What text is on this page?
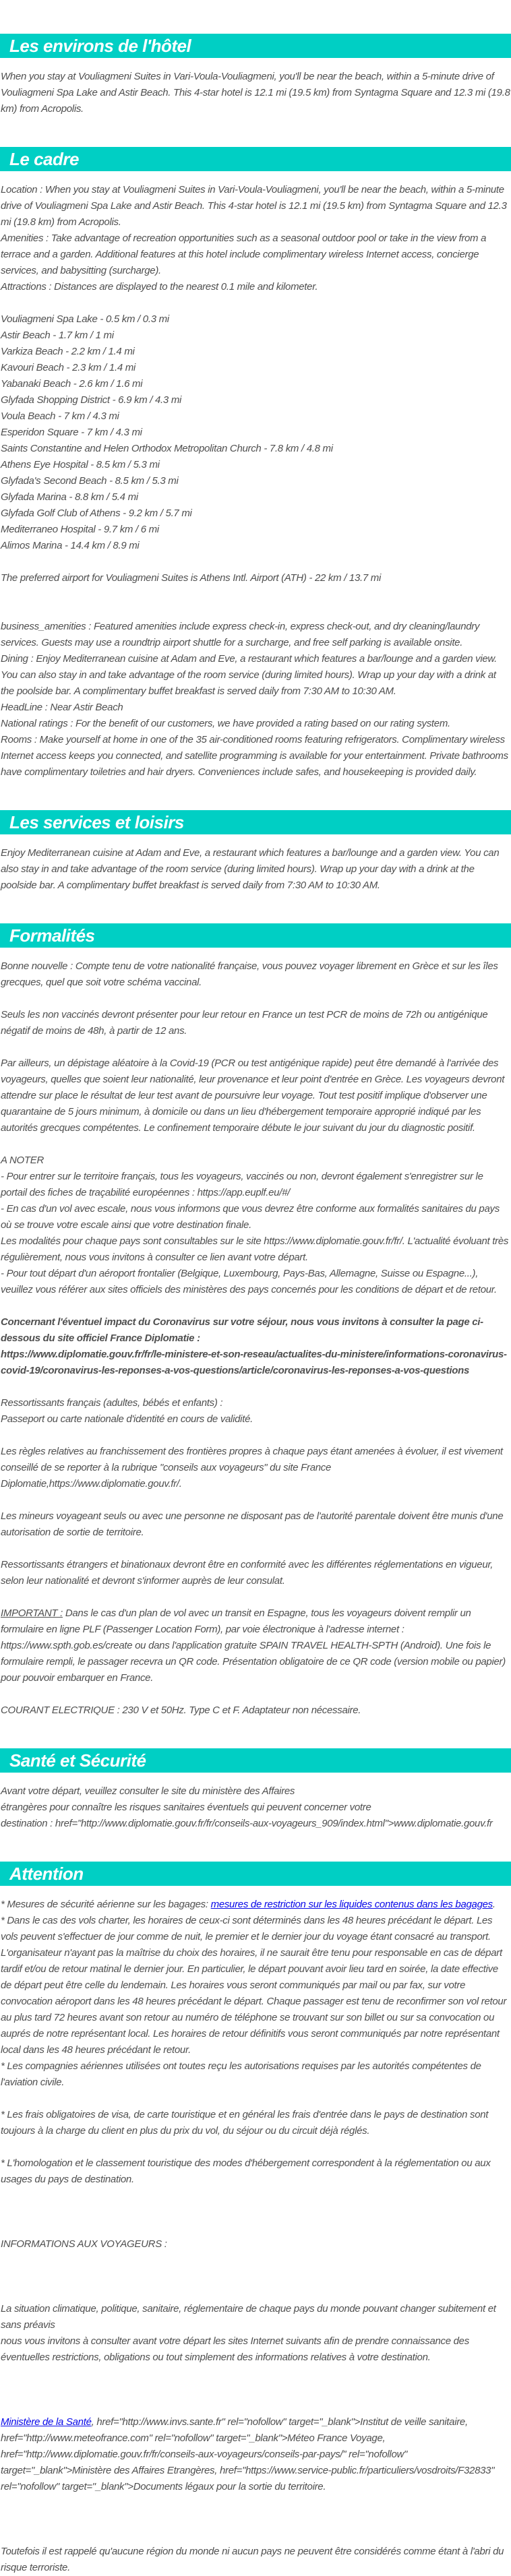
Les environs de l'hôtel

When you stay at Vouliagmeni Suites in Vari-Voula-Vouliagmeni, you'll be near the beach, within a 5-minute drive of Vouliagmeni Spa Lake and Astir Beach. This 4-star hotel is 12.1 mi (19.5 km) from Syntagma Square and 12.3 mi (19.8 km) from Acropolis.

Le cadre

Location : When you stay at Vouliagmeni Suites in Vari-Voula-Vouliagmeni, you'll be near the beach, within a 5-minute drive of Vouliagmeni Spa Lake and Astir Beach. This 4-star hotel is 12.1 mi (19.5 km) from Syntagma Square and 12.3 mi (19.8 km) from Acropolis.

Amenities : Take advantage of recreation opportunities such as a seasonal outdoor pool or take in the view from a terrace and a garden. Additional features at this hotel include complimentary wireless Internet access, concierge services, and babysitting (surcharge).

Attractions : Distances are displayed to the nearest 0.1 mile and kilometer.

Vouliagmeni Spa Lake - 0.5 km / 0.3 mi

Astir Beach - 1.7 km / 1 mi

Varkiza Beach - 2.2 km / 1.4 mi

Kavouri Beach - 2.3 km / 1.4 mi

Yabanaki Beach - 2.6 km / 1.6 mi

Glyfada Shopping District - 6.9 km / 4.3 mi

Voula Beach - 7 km / 4.3 mi

Esperidon Square - 7 km / 4.3 mi

Saints Constantine and Helen Orthodox Metropolitan Church - 7.8 km / 4.8 mi

Athens Eye Hospital - 8.5 km / 5.3 mi

Glyfada's Second Beach - 8.5 km / 5.3 mi

Glyfada Marina - 8.8 km / 5.4 mi

Glyfada Golf Club of Athens - 9.2 km / 5.7 mi

Mediterraneo Hospital - 9.7 km / 6 mi

Alimos Marina - 14.4 km / 8.9 mi

The preferred airport for Vouliagmeni Suites is Athens Intl. Airport (ATH) - 22 km / 13.7 mi

business_amenities : Featured amenities include express check-in, express check-out, and dry cleaning/laundry services. Guests may use a roundtrip airport shuttle for a surcharge, and free self parking is available onsite.

Dining : Enjoy Mediterranean cuisine at Adam and Eve, a restaurant which features a bar/lounge and a garden view. You can also stay in and take advantage of the room service (during limited hours). Wrap up your day with a drink at the poolside bar. A complimentary buffet breakfast is served daily from 7:30 AM to 10:30 AM.

HeadLine : Near Astir Beach

National ratings : For the benefit of our customers, we have provided a rating based on our rating system.

Rooms : Make yourself at home in one of the 35 air-conditioned rooms featuring refrigerators. Complimentary wireless Internet access keeps you connected, and satellite programming is available for your entertainment. Private bathrooms have complimentary toiletries and hair dryers. Conveniences include safes, and housekeeping is provided daily.

Les services et loisirs

Enjoy Mediterranean cuisine at Adam and Eve, a restaurant which features a bar/lounge and a garden view. You can also stay in and take advantage of the room service (during limited hours). Wrap up your day with a drink at the poolside bar. A complimentary buffet breakfast is served daily from 7:30 AM to 10:30 AM.

Formalités

Bonne nouvelle : Compte tenu de votre nationalité française, vous pouvez voyager librement en Grèce et sur les îles grecques, quel que soit votre schéma vaccinal.

Seuls les non vaccinés devront présenter pour leur retour en France un test PCR de moins de 72h ou antigénique négatif de moins de 48h, à partir de 12 ans.

Par ailleurs, un dépistage aléatoire à la Covid-19 (PCR ou test antigénique rapide) peut être demandé à l'arrivée des voyageurs, quelles que soient leur nationalité, leur provenance et leur point d'entrée en Grèce. Les voyageurs devront attendre sur place le résultat de leur test avant de poursuivre leur voyage. Tout test positif implique d'observer une quarantaine de 5 jours minimum, à domicile ou dans un lieu d'hébergement temporaire approprié indiqué par les autorités grecques compétentes. Le confinement temporaire débute le jour suivant du jour du diagnostic positif.

A NOTER

- Pour entrer sur le territoire français, tous les voyageurs, vaccinés ou non, devront également s'enregistrer sur le portail des fiches de traçabilité européennes : https://app.euplf.eu/#/

- En cas d'un vol avec escale, nous vous informons que vous devrez être conforme aux formalités sanitaires du pays où se trouve votre escale ainsi que votre destination finale.

Les modalités pour chaque pays sont consultables sur le site https://www.diplomatie.gouv.fr/fr/. L'actualité évoluant très régulièrement, nous vous invitons à consulter ce lien avant votre départ.

- Pour tout départ d'un aéroport frontalier (Belgique, Luxembourg, Pays-Bas, Allemagne, Suisse ou Espagne...), veuillez vous référer aux sites officiels des ministères des pays concernés pour les conditions de départ et de retour.

Concernant l'éventuel impact du Coronavirus sur votre séjour, nous vous invitons à consulter la page ci-dessous du site officiel France Diplomatie :

https://www.diplomatie.gouv.fr/fr/le-ministere-et-son-reseau/actualites-du-ministere/informations-coronavirus-covid-19/coronavirus-les-reponses-a-vos-questions/article/coronavirus-les-reponses-a-vos-questions

Ressortissants français (adultes, bébés et enfants) :

Passeport ou carte nationale d'identité en cours de validité.

Les règles relatives au franchissement des frontières propres à chaque pays étant amenées à évoluer, il est vivement conseillé de se reporter à la rubrique "conseils aux voyageurs" du site France Diplomatie,https://www.diplomatie.gouv.fr/.

Les mineurs voyageant seuls ou avec une personne ne disposant pas de l'autorité parentale doivent être munis d'une autorisation de sortie de territoire.

Ressortissants étrangers et binationaux devront être en conformité avec les différentes réglementations en vigueur, selon leur nationalité et devront s'informer auprès de leur consulat.

IMPORTANT : Dans le cas d'un plan de vol avec un transit en Espagne, tous les voyageurs doivent remplir un formulaire en ligne PLF (Passenger Location Form), par voie électronique à l'adresse internet : https://www.spth.gob.es/create ou dans l'application gratuite SPAIN TRAVEL HEALTH-SPTH (Android). Une fois le formulaire rempli, le passager recevra un QR code. Présentation obligatoire de ce QR code (version mobile ou papier) pour pouvoir embarquer en France.

COURANT ELECTRIQUE : 230 V et 50Hz. Type C et F. Adaptateur non nécessaire.

Santé et Sécurité

Avant votre départ, veuillez consulter le site du ministère des Affaires

étrangères pour connaître les risques sanitaires éventuels qui peuvent concerner votre

destination : href="http://www.diplomatie.gouv.fr/fr/conseils-aux-voyageurs_909/index.html">www.diplomatie.gouv.fr

Attention

* Mesures de sécurité aérienne sur les bagages: mesures de restriction sur les liquides contenus dans les bagages.

* Dans le cas des vols charter, les horaires de ceux-ci sont déterminés dans les 48 heures précédant le départ. Les vols peuvent s'effectuer de jour comme de nuit, le premier et le dernier jour du voyage étant consacré au transport. L'organisateur n'ayant pas la maîtrise du choix des horaires, il ne saurait être tenu pour responsable en cas de départ tardif et/ou de retour matinal le dernier jour. En particulier, le départ pouvant avoir lieu tard en soirée, la date effective de départ peut être celle du lendemain. Les horaires vous seront communiqués par mail ou par fax, sur votre convocation aéroport dans les 48 heures précédant le départ. Chaque passager est tenu de reconfirmer son vol retour au plus tard 72 heures avant son retour au numéro de téléphone se trouvant sur son billet ou sur sa convocation ou auprés de notre représentant local. Les horaires de retour définitifs vous seront communiqués par notre représentant local dans les 48 heures précédant le retour.

* Les compagnies aériennes utilisées ont toutes reçu les autorisations requises par les autorités compétentes de l'aviation civile.

* Les frais obligatoires de visa, de carte touristique et en général les frais d'entrée dans le pays de destination sont toujours à la charge du client en plus du prix du vol, du séjour ou du circuit déjà réglés.

* L'homologation et le classement touristique des modes d'hébergement correspondent à la réglementation ou aux usages du pays de destination.

INFORMATIONS AUX VOYAGEURS :

La situation climatique, politique, sanitaire, réglementaire de chaque pays du monde pouvant changer subitement et sans préavis

nous vous invitons à consulter avant votre départ les sites Internet suivants afin de prendre connaissance des éventuelles restrictions, obligations ou tout simplement des informations relatives à votre destination.

Ministère de la Santé, href="http://www.invs.sante.fr" rel="nofollow" target="_blank">Institut de veille sanitaire, href="http://www.meteofrance.com" rel="nofollow" target="_blank">Méteo France Voyage, href="http://www.diplomatie.gouv.fr/fr/conseils-aux-voyageurs/conseils-par-pays/" rel="nofollow" target="_blank">Ministère des Affaires Etrangères, href="https://www.service-public.fr/particuliers/vosdroits/F32833" rel="nofollow" target="_blank">Documents légaux pour la sortie du territoire.

Toutefois il est rappelé qu'aucune région du monde ni aucun pays ne peuvent être considérés comme étant à l'abri du risque terroriste.
